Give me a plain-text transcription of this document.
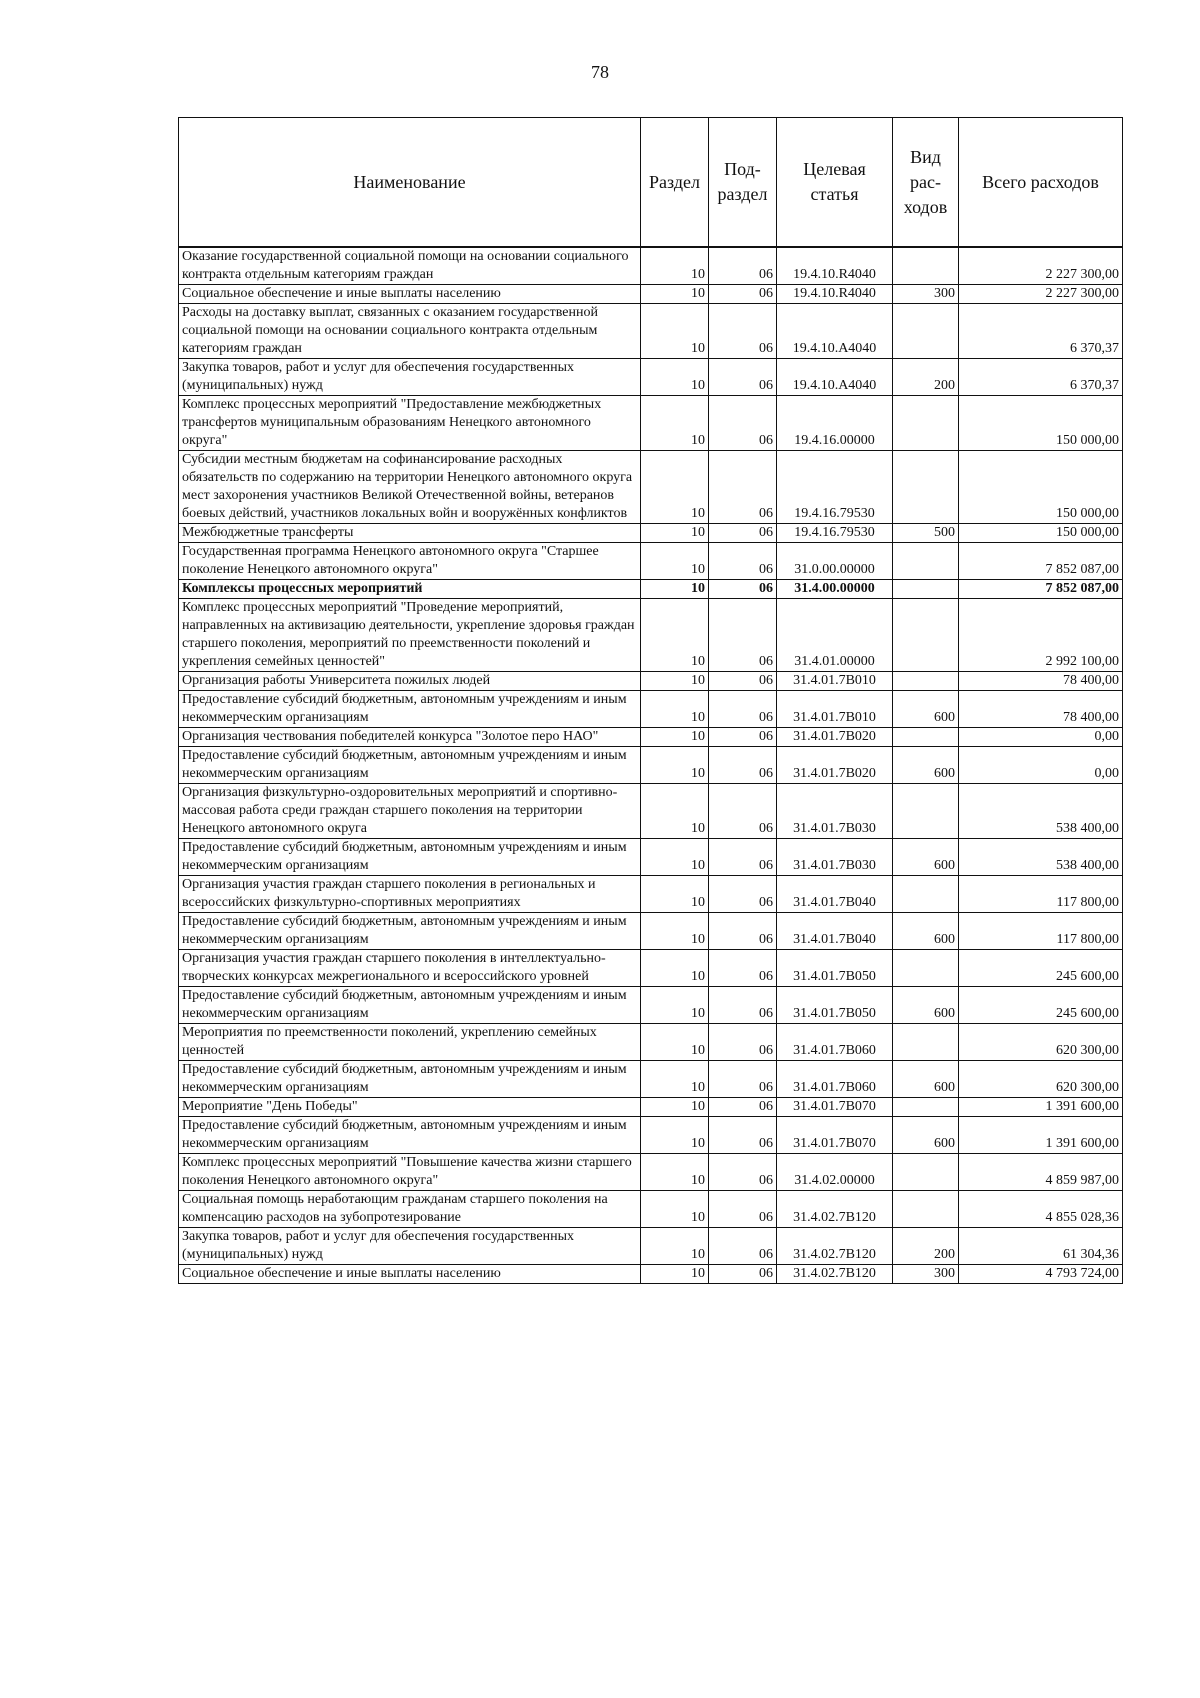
78
Наименование	Раздел	Под-раздел	Целевая статья	Вид рас-ходов	Всего расходов
Оказание государственной социальной помощи на основании социального контракта отдельным категориям граждан	10	06	19.4.10.R4040		2 227 300,00
Социальное обеспечение и иные выплаты населению	10	06	19.4.10.R4040	300	2 227 300,00
Расходы на доставку выплат, связанных с оказанием государственной социальной помощи на основании социального контракта отдельным категориям граждан	10	06	19.4.10.A4040		6 370,37
Закупка товаров, работ и услуг для обеспечения государственных (муниципальных) нужд	10	06	19.4.10.A4040	200	6 370,37
Комплекс процессных мероприятий "Предоставление межбюджетных трансфертов муниципальным образованиям Ненецкого автономного округа"	10	06	19.4.16.00000		150 000,00
Субсидии местным бюджетам на софинансирование расходных обязательств по содержанию на территории Ненецкого автономного округа мест захоронения участников Великой Отечественной войны, ветеранов боевых действий, участников локальных войн и вооружённых конфликтов	10	06	19.4.16.79530		150 000,00
Межбюджетные трансферты	10	06	19.4.16.79530	500	150 000,00
Государственная программа Ненецкого автономного округа "Старшее поколение Ненецкого автономного округа"	10	06	31.0.00.00000		7 852 087,00
Комплексы процессных мероприятий	10	06	31.4.00.00000		7 852 087,00
Комплекс процессных мероприятий "Проведение мероприятий, направленных на активизацию деятельности, укрепление здоровья граждан старшего поколения, мероприятий по преемственности поколений и укрепления семейных ценностей"	10	06	31.4.01.00000		2 992 100,00
Организация работы Университета пожилых людей	10	06	31.4.01.7В010		78 400,00
Предоставление субсидий бюджетным, автономным учреждениям и иным некоммерческим организациям	10	06	31.4.01.7В010	600	78 400,00
Организация чествования победителей конкурса "Золотое перо НАО"	10	06	31.4.01.7В020		0,00
Предоставление субсидий бюджетным, автономным учреждениям и иным некоммерческим организациям	10	06	31.4.01.7В020	600	0,00
Организация физкультурно-оздоровительных мероприятий и спортивно-массовая работа среди граждан старшего поколения на территории Ненецкого автономного округа	10	06	31.4.01.7В030		538 400,00
Предоставление субсидий бюджетным, автономным учреждениям и иным некоммерческим организациям	10	06	31.4.01.7В030	600	538 400,00
Организация участия граждан старшего поколения в региональных и всероссийских физкультурно-спортивных мероприятиях	10	06	31.4.01.7В040		117 800,00
Предоставление субсидий бюджетным, автономным учреждениям и иным некоммерческим организациям	10	06	31.4.01.7В040	600	117 800,00
Организация участия граждан старшего поколения в интеллектуально-творческих конкурсах межрегионального и всероссийского уровней	10	06	31.4.01.7В050		245 600,00
Предоставление субсидий бюджетным, автономным учреждениям и иным некоммерческим организациям	10	06	31.4.01.7В050	600	245 600,00
Мероприятия по преемственности поколений, укреплению семейных ценностей	10	06	31.4.01.7В060		620 300,00
Предоставление субсидий бюджетным, автономным учреждениям и иным некоммерческим организациям	10	06	31.4.01.7В060	600	620 300,00
Мероприятие "День Победы"	10	06	31.4.01.7В070		1 391 600,00
Предоставление субсидий бюджетным, автономным учреждениям и иным некоммерческим организациям	10	06	31.4.01.7В070	600	1 391 600,00
Комплекс процессных мероприятий "Повышение качества жизни старшего поколения Ненецкого автономного округа"	10	06	31.4.02.00000		4 859 987,00
Социальная помощь неработающим гражданам старшего поколения на компенсацию расходов на зубопротезирование	10	06	31.4.02.7В120		4 855 028,36
Закупка товаров, работ и услуг для обеспечения государственных (муниципальных) нужд	10	06	31.4.02.7В120	200	61 304,36
Социальное обеспечение и иные выплаты населению	10	06	31.4.02.7В120	300	4 793 724,00
